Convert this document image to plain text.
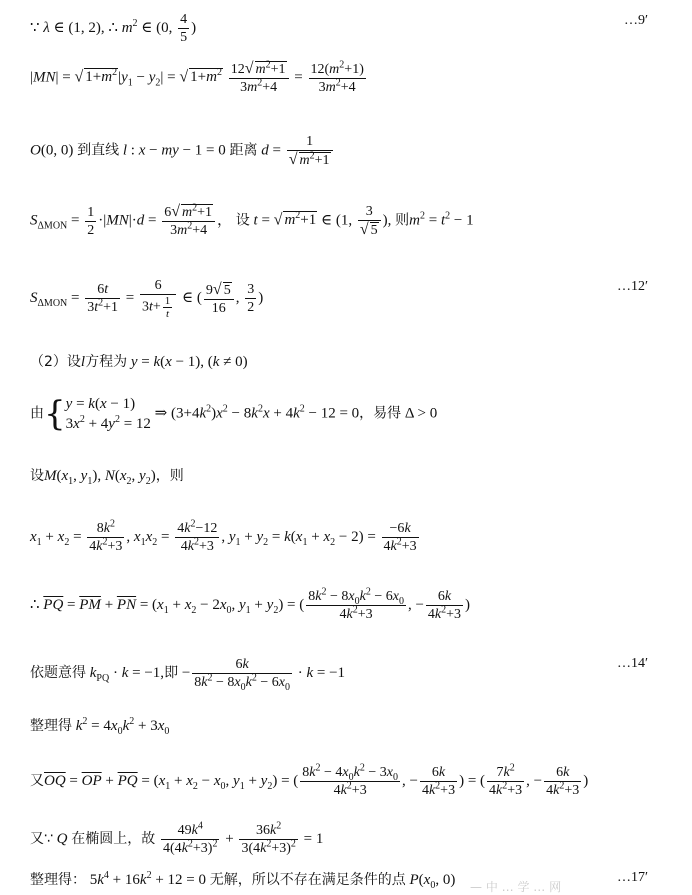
∵ λ ∈ (1, 2), ∴ $m^2$ ∈ (0, $\frac{4}{5}$ )	…9′
|MN| = √ $1+m^2|y_1 - y_2|$ = √ $1+m^2 \frac{12√ m^2+1}{3m^2+4} = \frac{12(m^2+1)}{3m^2+4}$
O(0, 0) 到直线 l : x − my − 1 = 0 距离 $d = \frac{1}{√ m^2+1}$
$S_{\Delta MON} = \frac{1}{2} \cdot|MN|\cdot d = \frac{6√ m^2+1}{3m^2+4}$ ， 设 t = √ $m^2+1$ ∈ (1, $\frac{3}{√ 5}$ ), 则$m^2 = t^2 - 1$
$S_{\Delta MON} = \frac{6t}{3t^2+1} = \frac{6}{3t+ \frac{1}{t}}$ ∈ ( $\frac{9√ 5}{16}$ , $\frac{3}{2}$ )
…12′
（2）设l方程为 y = k(x − 1), (k ≠ 0)
由{ y = k(x − 1)
$3x^2 + 4y^2 = 12$
⇒ $(3+4k^2)x^2 - 8k^2x + 4k^2 - 12 = 0$，易得 Δ > 0
设$M(x_1$, $y_1$), $N(x_2$, $y_2$)，则
$x_1 + x_2 = \frac{8k^2}{4k^2+3}$ , $x_1x_2 = \frac{4k^2-12}{4k^2+3}$ , $y_1 + y_2 = k(x_1 + x_2 - 2) = \frac{-6k}{4k^2+3}$
∴ $\overline{PQ} = \overline{PM} + \overline{PN} = (x_1 + x_2 - 2x_0$, $y_1 + y_2$) = ( $\frac{8k^2 - 8x_0k^2 - 6x_0}{4k^2+3}$ , − $\frac{6k}{4k^2+3}$ )
依题意得 $k_{PQ} \cdot k = -1$,即 − $\frac{6k}{8k^2 - 8x_0k^2 - 6x_0} \cdot k = -1$
…14′
整理得 $k^2 = 4x_0k^2 + 3x_0$
又$\overline{OQ} = \overline{OP} + \overline{PQ} = (x_1 + x_2 - x_0$, $y_1 + y_2$) = ( $\frac{8k^2 - 4x_0k^2 - 3x_0}{4k^2+3}$ , − $\frac{6k}{4k^2+3}$ ) = ( $\frac{7k^2}{4k^2+3}$ , − $\frac{6k}{4k^2+3}$ )
又∵ Q 在椭圆上，故 $\frac{49k^4}{4(4k^2+3)^2} + \frac{36k^2}{3(4k^2+3)^2} = 1$
整理得： $5k^4 + 16k^2 + 12 = 0$ 无解，所以不存在满足条件的点 $P(x_0$, 0)	…17′
— 中 … 学 … 网
